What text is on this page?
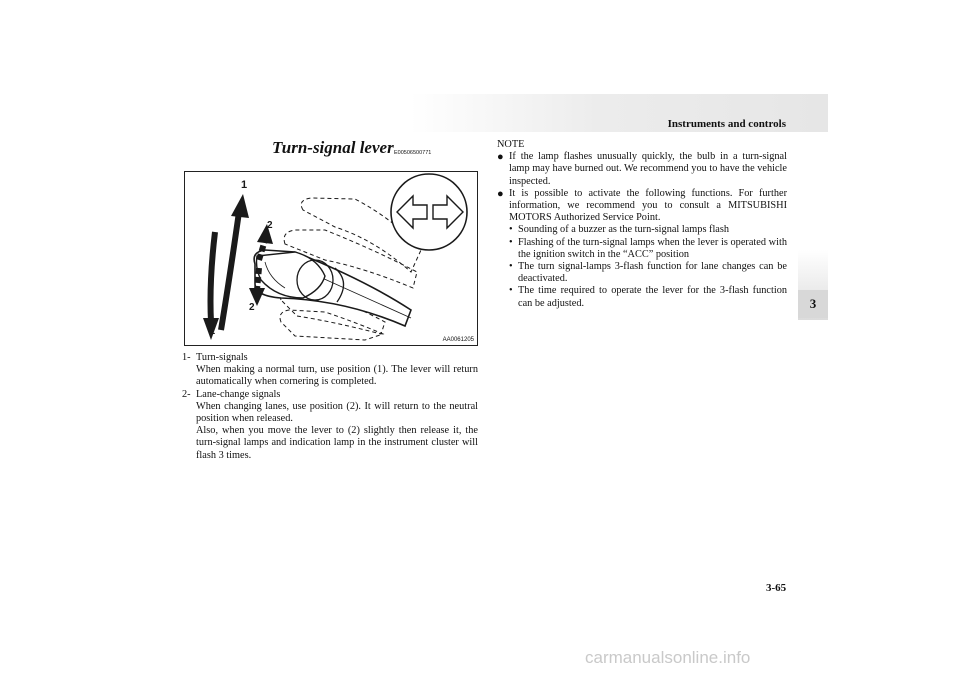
Instruments and controls
3
Turn-signal lever E00506500771
1
2
2
1
AA0061205
1- Turn-signals
When making a normal turn, use position (1). The lever will return automatically when cornering is completed.
2- Lane-change signals
When changing lanes, use position (2). It will return to the neutral position when released.
Also, when you move the lever to (2) slightly then release it, the turn-signal lamps and indication lamp in the instrument cluster will flash 3 times.
NOTE
● If the lamp flashes unusually quickly, the bulb in a turn-signal lamp may have burned out. We recommend you to have the vehicle inspected.
● It is possible to activate the following functions. For further information, we recommend you to consult a MITSUBISHI MOTORS Authorized Service Point.
• Sounding of a buzzer as the turn-signal lamps flash
• Flashing of the turn-signal lamps when the lever is operated with the ignition switch in the “ACC” position
• The turn signal-lamps 3-flash function for lane changes can be deactivated.
• The time required to operate the lever for the 3-flash function can be adjusted.
3-65
carmanualsonline.info
